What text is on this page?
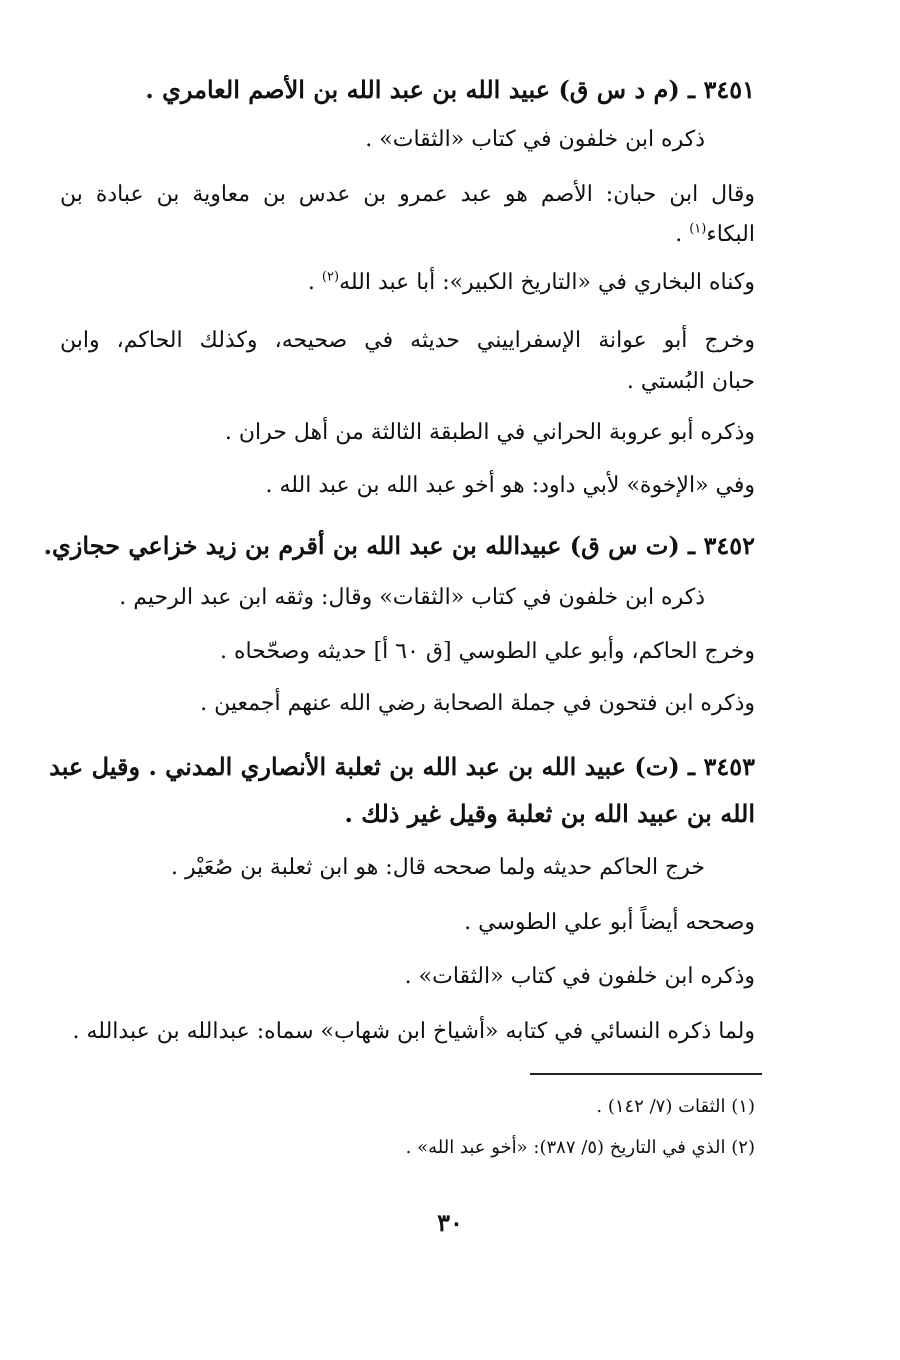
٣٤٥١ ـ (م د س ق) عبيد الله بن عبد الله بن الأصم العامري .
ذكره ابن خلفون في كتاب «الثقات» .
وقال ابن حبان: الأصم هو عبد عمرو بن عدس بن معاوية بن عبادة بن
البكاء$^{(١)}$ .
وكناه البخاري في «التاريخ الكبير»: أبا عبد الله$^{(٢)}$ .
وخرج أبو عوانة الإسفراييني حديثه في صحيحه، وكذلك الحاكم، وابن
حبان البُستي .
وذكره أبو عروبة الحراني في الطبقة الثالثة من أهل حران .
وفي «الإخوة» لأبي داود: هو أخو عبد الله بن عبد الله .
٣٤٥٢ ـ (ت س ق) عبيدالله بن عبد الله بن أقرم بن زيد خزاعي حجازي.
ذكره ابن خلفون في كتاب «الثقات» وقال: وثقه ابن عبد الرحيم .
وخرج الحاكم، وأبو علي الطوسي [ق ٦٠ أ] حديثه وصحّحاه .
وذكره ابن فتحون في جملة الصحابة رضي الله عنهم أجمعين .
٣٤٥٣ ـ (ت) عبيد الله بن عبد الله بن ثعلبة الأنصاري المدني . وقيل عبد
الله بن عبيد الله بن ثعلبة وقيل غير ذلك .
خرج الحاكم حديثه ولما صححه قال: هو ابن ثعلبة بن صُعَيْر .
وصححه أيضاً أبو علي الطوسي .
وذكره ابن خلفون في كتاب «الثقات» .
ولما ذكره النسائي في كتابه «أشياخ ابن شهاب» سماه: عبدالله بن عبدالله .
(١) الثقات (٧/ ١٤٢) .
(٢) الذي في التاريخ (٥/ ٣٨٧): «أخو عبد الله» .
٣٠
